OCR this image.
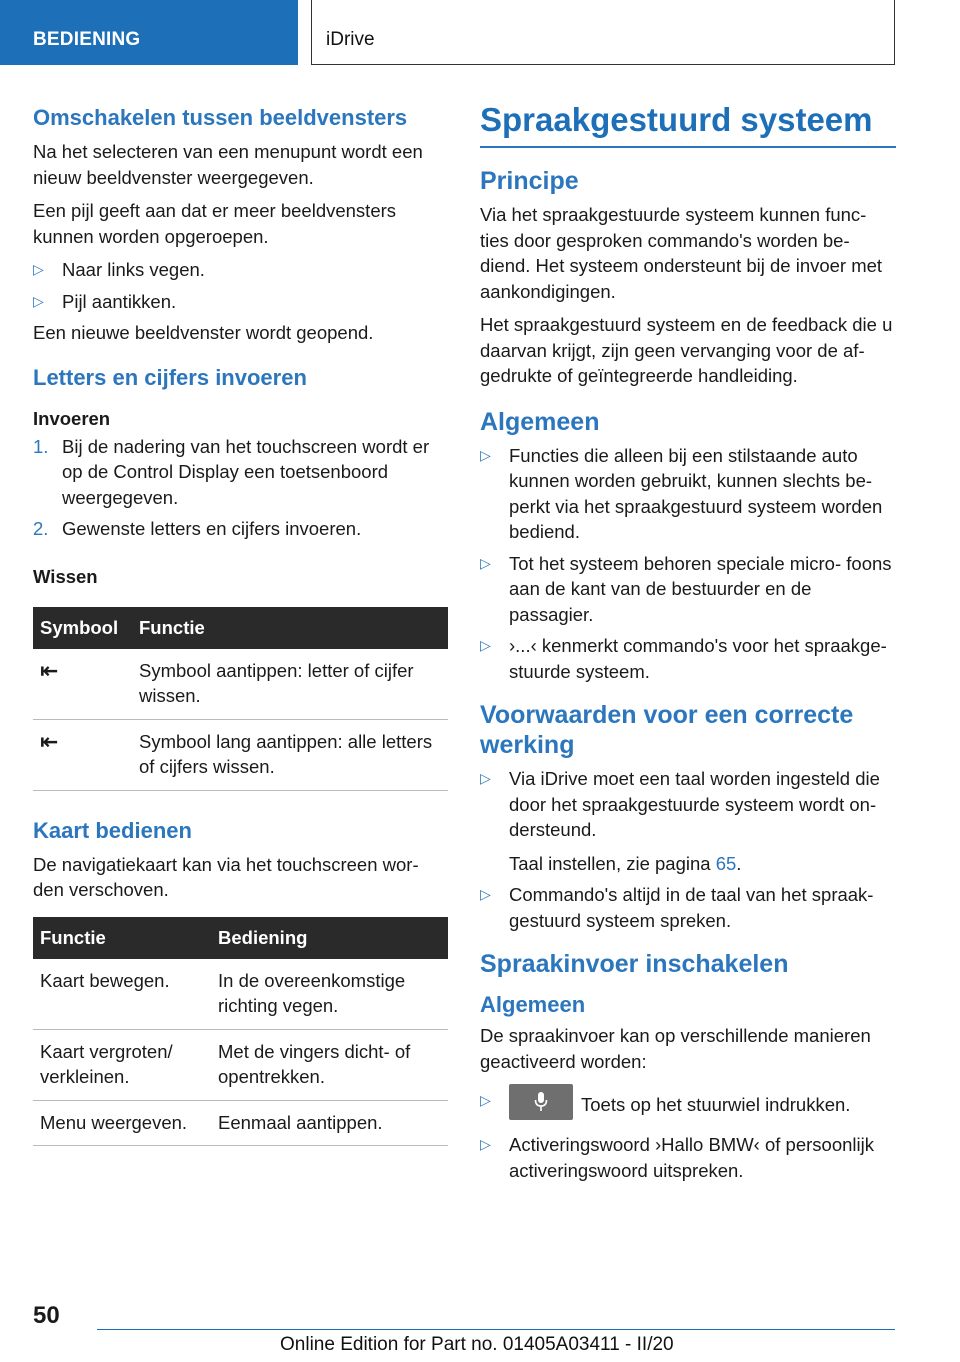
BEDIENING	iDrive
Omschakelen tussen beeldvensters

Na het selecteren van een menupunt wordt een nieuw beeldvenster weergegeven.

Een pijl geeft aan dat er meer beeldvensters kunnen worden opgeroepen.

▷ Naar links vegen.
▷ Pijl aantikken.

Een nieuwe beeldvenster wordt geopend.

Letters en cijfers invoeren
Invoeren
1. Bij de nadering van het touchscreen wordt er op de Control Display een toetsenboord weergegeven.
2. Gewenste letters en cijfers invoeren.
Wissen
Symbool	Functie
⇤	Symbool aantippen: letter of cijfer wissen.
⇤	Symbool lang aantippen: alle letters of cijfers wissen.
Kaart bedienen

De navigatiekaart kan via het touchscreen wor‐ den verschoven.

Functie	Bediening
Kaart bewegen.	In de overeenkomstige richting vegen.
Kaart vergroten/ verkleinen.	Met de vingers dicht- of opentrekken.
Menu weergeven.	Eenmaal aantippen.
Spraakgestuurd systeem
Principe

Via het spraakgestuurde systeem kunnen func‐ ties door gesproken commando's worden be‐ diend. Het systeem ondersteunt bij de invoer met aankondigingen.

Het spraakgestuurd systeem en de feedback die u daarvan krijgt, zijn geen vervanging voor de af‐ gedrukte of geïntegreerde handleiding.

Algemeen
▷ Functies die alleen bij een stilstaande auto kunnen worden gebruikt, kunnen slechts be‐ perkt via het spraakgestuurd systeem worden bediend.
▷ Tot het systeem behoren speciale micro‐ foons aan de kant van de bestuurder en de passagier.
▷ ›...‹ kenmerkt commando's voor het spraakge‐ stuurde systeem.
Voorwaarden voor een correcte werking
▷ Via iDrive moet een taal worden ingesteld die door het spraakgestuurde systeem wordt on‐ dersteund.
Taal instellen, zie pagina 65.
▷ Commando's altijd in de taal van het spraak‐ gestuurd systeem spreken.
Spraakinvoer inschakelen
Algemeen

De spraakinvoer kan op verschillende manieren geactiveerd worden:

▷	Toets op het stuurwiel indrukken.
▷ Activeringswoord ›Hallo BMW‹ of persoonlijk activeringswoord uitspreken.
50
Online Edition for Part no. 01405A03411 - II/20
